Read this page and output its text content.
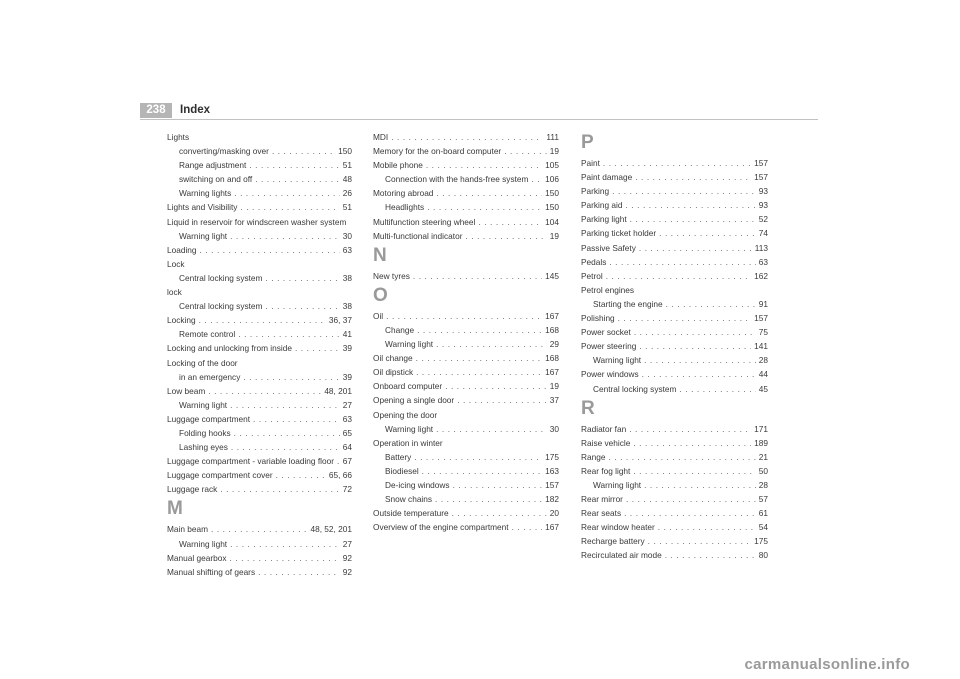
238	Index
Lights
converting/masking over . . .	150
Range adjustment . . .	51
switching on and off . . .	48
Warning lights . . .	26
Lights and Visibility . . .	51
Liquid in reservoir for windscreen washer system
Warning light . . .	30
Loading . . .	63
Lock
Central locking system . . .	38
lock
Central locking system . . .	38
Locking . . .	36, 37
Remote control . . .	41
Locking and unlocking from inside . . .	39
Locking of the door
in an emergency . . .	39
Low beam . . .	48, 201
Warning light . . .	27
Luggage compartment . . .	63
Folding hooks . . .	65
Lashing eyes . . .	64
Luggage compartment - variable loading floor . . . 67
Luggage compartment cover . . .	65, 66
Luggage rack . . .	72
M
Main beam . . .	48, 52, 201
Warning light . . .	27
Manual gearbox . . .	92
Manual shifting of gears . . .	92
MDI . . .	111
Memory for the on-board computer . . .	19
Mobile phone . . .	105
Connection with the hands-free system . . . 106
Motoring abroad . . .	150
Headlights . . .	150
Multifunction steering wheel . . .	104
Multi-functional indicator . . .	19
N
New tyres . . .	145
O
Oil . . .	167
Change . . .	168
Warning light . . .	29
Oil change . . .	168
Oil dipstick . . .	167
Onboard computer . . .	19
Opening a single door . . .	37
Opening the door
Warning light . . .	30
Operation in winter
Battery . . .	175
Biodiesel . . .	163
De-icing windows . . .	157
Snow chains . . .	182
Outside temperature . . .	20
Overview of the engine compartment . . .	167
P
Paint . . .	157
Paint damage . . .	157
Parking . . .	93
Parking aid . . .	93
Parking light . . .	52
Parking ticket holder . . .	74
Passive Safety . . .	113
Pedals . . .	63
Petrol . . .	162
Petrol engines
Starting the engine . . .	91
Polishing . . .	157
Power socket . . .	75
Power steering . . .	141
Warning light . . .	28
Power windows . . .	44
Central locking system . . .	45
R
Radiator fan . . .	171
Raise vehicle . . .	189
Range . . .	21
Rear fog light . . .	50
Warning light . . .	28
Rear mirror . . .	57
Rear seats . . .	61
Rear window heater . . .	54
Recharge battery . . .	175
Recirculated air mode . . .	80
carmanualsonline.info
